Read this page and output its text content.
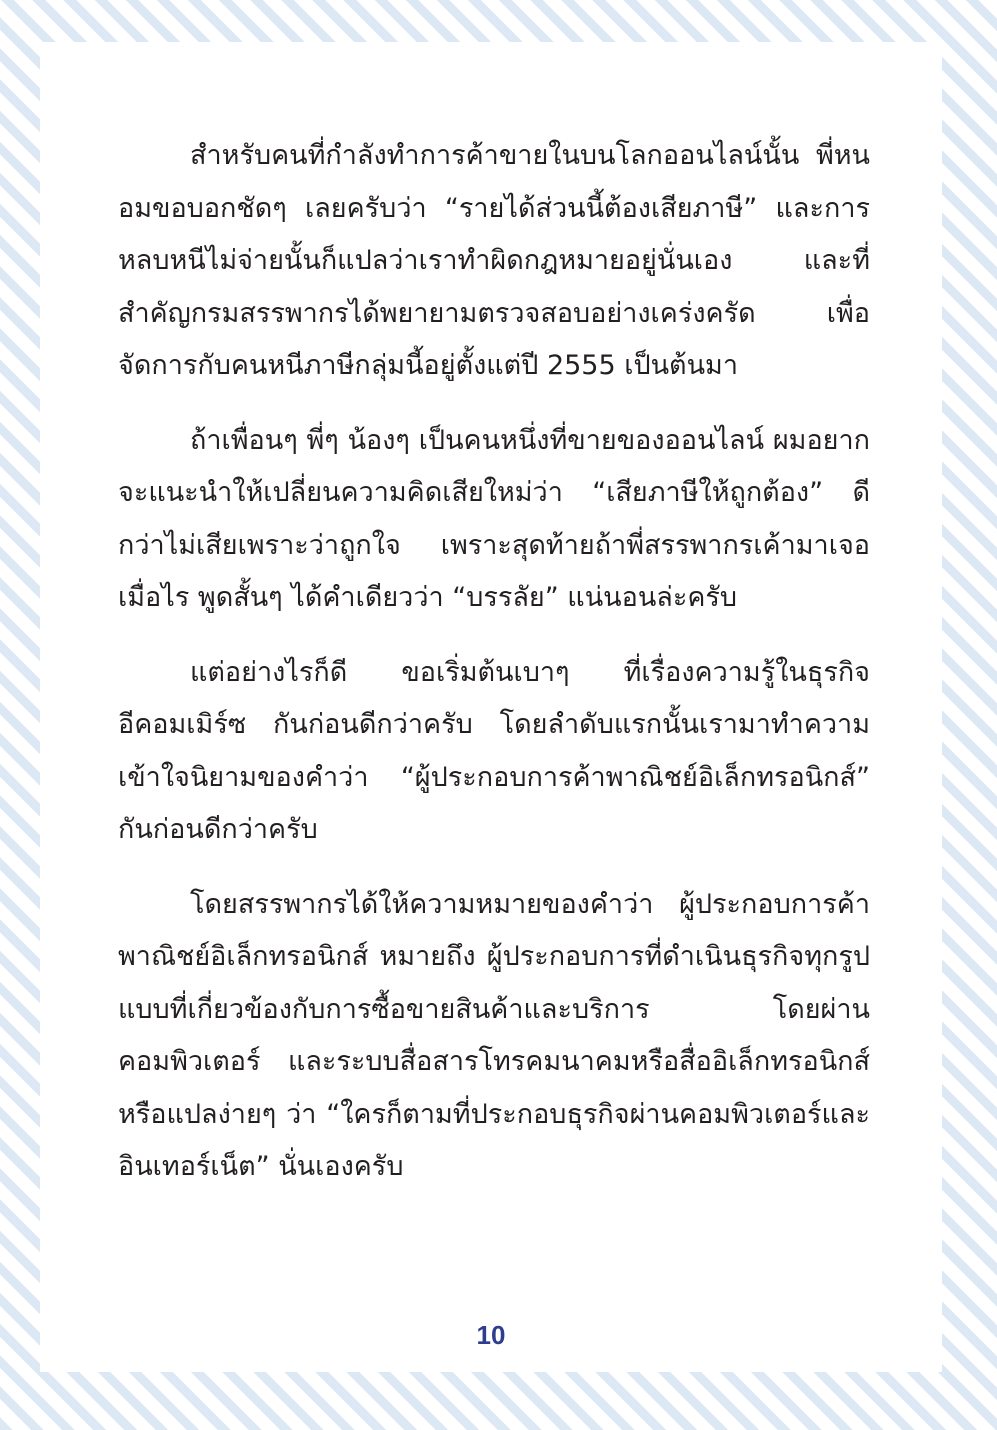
สำหรับคนที่กำลังทำการค้าขายในบนโลกออนไลน์นั้น พี่หนอมขอบอกชัดๆ เลยครับว่า “รายได้ส่วนนี้ต้องเสียภาษี” และการหลบหนีไม่จ่ายนั้นก็แปลว่าเราทำผิดกฎหมายอยู่นั่นเอง และที่สำคัญกรมสรรพากรได้พยายามตรวจสอบอย่างเคร่งครัด เพื่อจัดการกับคนหนีภาษีกลุ่มนี้อยู่ตั้งแต่ปี 2555 เป็นต้นมา

ถ้าเพื่อนๆ พี่ๆ น้องๆ เป็นคนหนึ่งที่ขายของออนไลน์ ผมอยากจะแนะนำให้เปลี่ยนความคิดเสียใหม่ว่า “เสียภาษีให้ถูกต้อง” ดีกว่าไม่เสียเพราะว่าถูกใจ เพราะสุดท้ายถ้าพี่สรรพากรเค้ามาเจอเมื่อไร พูดสั้นๆ ได้คำเดียวว่า “บรรลัย” แน่นอนล่ะครับ

แต่อย่างไรก็ดี ขอเริ่มต้นเบาๆ ที่เรื่องความรู้ในธุรกิจอีคอมเมิร์ซ กันก่อนดีกว่าครับ โดยลำดับแรกนั้นเรามาทำความเข้าใจนิยามของคำว่า “ผู้ประกอบการค้าพาณิชย์อิเล็กทรอนิกส์” กันก่อนดีกว่าครับ

โดยสรรพากรได้ให้ความหมายของคำว่า ผู้ประกอบการค้าพาณิชย์อิเล็กทรอนิกส์ หมายถึง ผู้ประกอบการที่ดำเนินธุรกิจทุกรูปแบบที่เกี่ยวข้องกับการซื้อขายสินค้าและบริการ โดยผ่านคอมพิวเตอร์ และระบบสื่อสารโทรคมนาคมหรือสื่ออิเล็กทรอนิกส์ หรือแปลง่ายๆ ว่า “ใครก็ตามที่ประกอบธุรกิจผ่านคอมพิวเตอร์และอินเทอร์เน็ต” นั่นเองครับ

10
